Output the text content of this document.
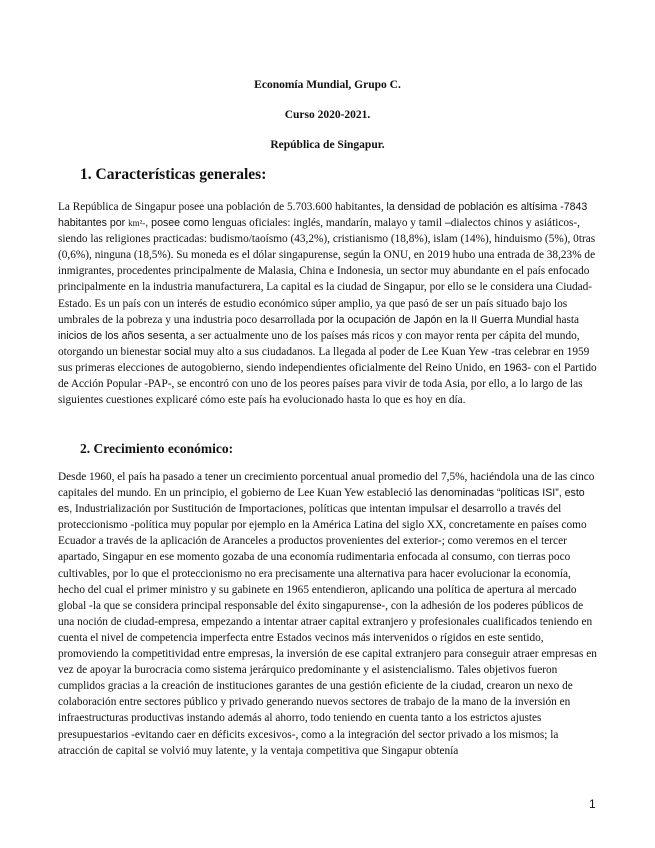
Economía Mundial, Grupo C.
Curso 2020-2021.
República de Singapur.
1. Características generales:

La República de Singapur posee una población de 5.703.600 habitantes, la densidad de población es altísima -7843 habitantes por km²-, posee como lenguas oficiales: inglés, mandarín, malayo y tamil –dialectos chinos y asiáticos-, siendo las religiones practicadas: budismo/taoísmo (43,2%), cristianismo (18,8%), islam (14%), hinduismo (5%), 0tras (0,6%), ninguna (18,5%). Su moneda es el dólar singapurense, según la ONU, en 2019 hubo una entrada de 38,23% de inmigrantes, procedentes principalmente de Malasia, China e Indonesia, un sector muy abundante en el país enfocado principalmente en la industria manufacturera, La capital es la ciudad de Singapur, por ello se le considera una Ciudad-Estado. Es un país con un interés de estudio económico súper amplio, ya que pasó de ser un país situado bajo los umbrales de la pobreza y una industria poco desarrollada por la ocupación de Japón en la II Guerra Mundial hasta inicios de los años sesenta, a ser actualmente uno de los países más ricos y con mayor renta per cápita del mundo, otorgando un bienestar social muy alto a sus ciudadanos. La llegada al poder de Lee Kuan Yew -tras celebrar en 1959 sus primeras elecciones de autogobierno, siendo independientes oficialmente del Reino Unido, en 1963- con el Partido de Acción Popular -PAP-, se encontró con uno de los peores países para vivir de toda Asia, por ello, a lo largo de las siguientes cuestiones explicaré cómo este país ha evolucionado hasta lo que es hoy en día.

2. Crecimiento económico:

Desde 1960, el país ha pasado a tener un crecimiento porcentual anual promedio del 7,5%, haciéndola una de las cinco capitales del mundo. En un principio, el gobierno de Lee Kuan Yew estableció las denominadas “políticas ISI”, esto es, Industrialización por Sustitución de Importaciones, políticas que intentan impulsar el desarrollo a través del proteccionismo -política muy popular por ejemplo en la América Latina del siglo XX, concretamente en países como Ecuador a través de la aplicación de Aranceles a productos provenientes del exterior-; como veremos en el tercer apartado, Singapur en ese momento gozaba de una economía rudimentaria enfocada al consumo, con tierras poco cultivables, por lo que el proteccionismo no era precisamente una alternativa para hacer evolucionar la economía, hecho del cual el primer ministro y su gabinete en 1965 entendieron, aplicando una política de apertura al mercado global -la que se considera principal responsable del éxito singapurense-, con la adhesión de los poderes públicos de una noción de ciudad-empresa, empezando a intentar atraer capital extranjero y profesionales cualificados teniendo en cuenta el nivel de competencia imperfecta entre Estados vecinos más intervenidos o rígidos en este sentido, promoviendo la competitividad entre empresas, la inversión de ese capital extranjero para conseguir atraer empresas en vez de apoyar la burocracia como sistema jerárquico predominante y el asistencialismo. Tales objetivos fueron cumplidos gracias a la creación de instituciones garantes de una gestión eficiente de la ciudad, crearon un nexo de colaboración entre sectores público y privado generando nuevos sectores de trabajo de la mano de la inversión en infraestructuras productivas instando además al ahorro, todo teniendo en cuenta tanto a los estrictos ajustes presupuestarios -evitando caer en déficits excesivos-, como a la integración del sector privado a los mismos; la atracción de capital se volvió muy latente, y la ventaja competitiva que Singapur obtenía

1
